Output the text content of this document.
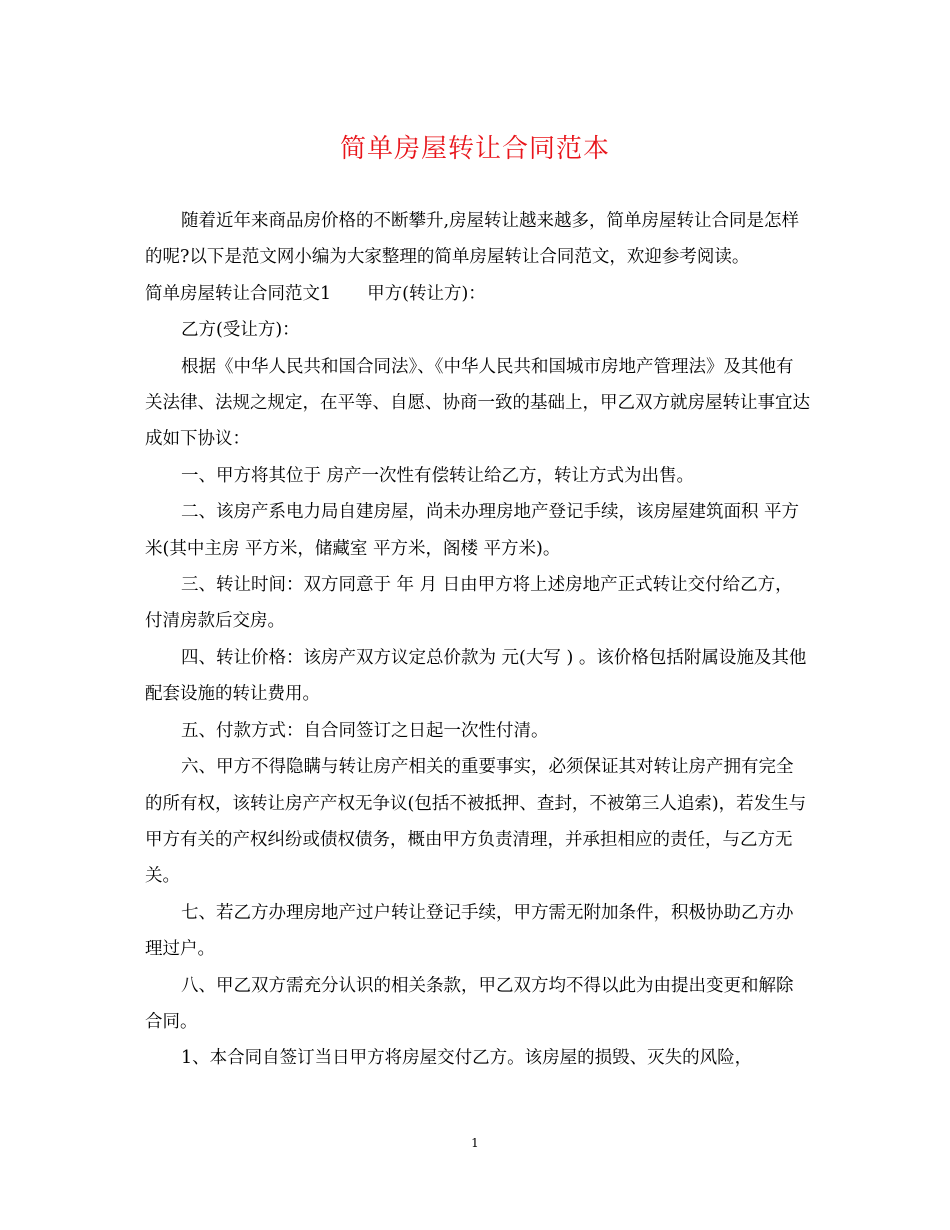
简单房屋转让合同范本

随着近年来商品房价格的不断攀升,房屋转让越来越多，简单房屋转让合同是怎样的呢?以下是范文网小编为大家整理的简单房屋转让合同范文，欢迎参考阅读。

简单房屋转让合同范文1 甲方(转让方)：

乙方(受让方)：

根据《中华人民共和国合同法》、《中华人民共和国城市房地产管理法》及其他有关法律、法规之规定，在平等、自愿、协商一致的基础上，甲乙双方就房屋转让事宜达成如下协议：

一、甲方将其位于 房产一次性有偿转让给乙方，转让方式为出售。

二、该房产系电力局自建房屋，尚未办理房地产登记手续，该房屋建筑面积 平方米(其中主房 平方米，储藏室 平方米，阁楼 平方米)。

三、转让时间：双方同意于 年 月 日由甲方将上述房地产正式转让交付给乙方，付清房款后交房。

四、转让价格：该房产双方议定总价款为 元(大写 ) 。该价格包括附属设施及其他配套设施的转让费用。

五、付款方式：自合同签订之日起一次性付清。

六、甲方不得隐瞒与转让房产相关的重要事实，必须保证其对转让房产拥有完全的所有权，该转让房产产权无争议(包括不被抵押、查封，不被第三人追索)，若发生与甲方有关的产权纠纷或债权债务，概由甲方负责清理，并承担相应的责任，与乙方无关。

七、若乙方办理房地产过户转让登记手续，甲方需无附加条件，积极协助乙方办理过户。

八、甲乙双方需充分认识的相关条款，甲乙双方均不得以此为由提出变更和解除合同。

1、本合同自签订当日甲方将房屋交付乙方。该房屋的损毁、灭失的风险，

1
